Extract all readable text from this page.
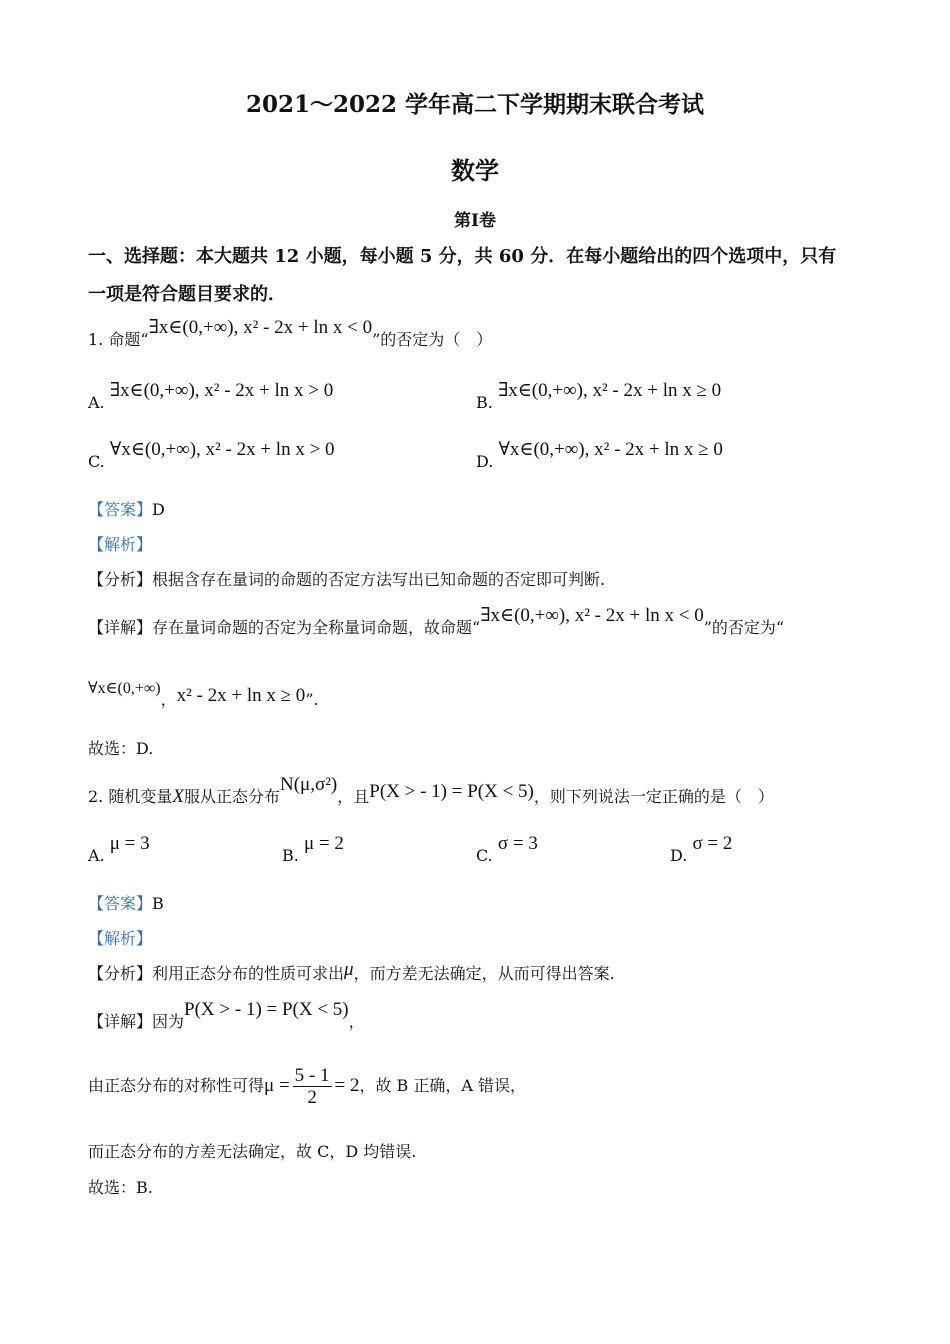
2021～2022 学年高二下学期期末联合考试
数学
第Ⅰ卷
一、选择题：本大题共 12 小题，每小题 5 分，共 60 分．在每小题给出的四个选项中，只有
一项是符合题目要求的．
1. 命题“∃x∈(0,+∞), x² - 2x + ln x < 0”的否定为（　）
A. ∃x∈(0,+∞), x² - 2x + ln x > 0
B. ∃x∈(0,+∞), x² - 2x + ln x ≥ 0
C. ∀x∈(0,+∞), x² - 2x + ln x > 0
D. ∀x∈(0,+∞), x² - 2x + ln x ≥ 0
【答案】D
【解析】
【分析】根据含存在量词的命题的否定方法写出已知命题的否定即可判断.
【详解】存在量词命题的否定为全称量词命题，故命题“∃x∈(0,+∞), x² - 2x + ln x < 0”的否定为“
∀x∈(0,+∞)，x² - 2x + ln x ≥ 0”.
故选：D.
2. 随机变量X服从正态分布N(μ,σ²)，且P(X > - 1) = P(X < 5)，则下列说法一定正确的是（　）
A. μ = 3
B. μ = 2
C. σ = 3
D. σ = 2
【答案】B
【解析】
【分析】利用正态分布的性质可求出μ，而方差无法确定，从而可得出答案.
【详解】因为P(X > - 1) = P(X < 5)，
由正态分布的对称性可得$\mu = \frac{5 - 1}{2} = 2$，故 B 正确，A 错误，
而正态分布的方差无法确定，故 C，D 均错误.
故选：B.
